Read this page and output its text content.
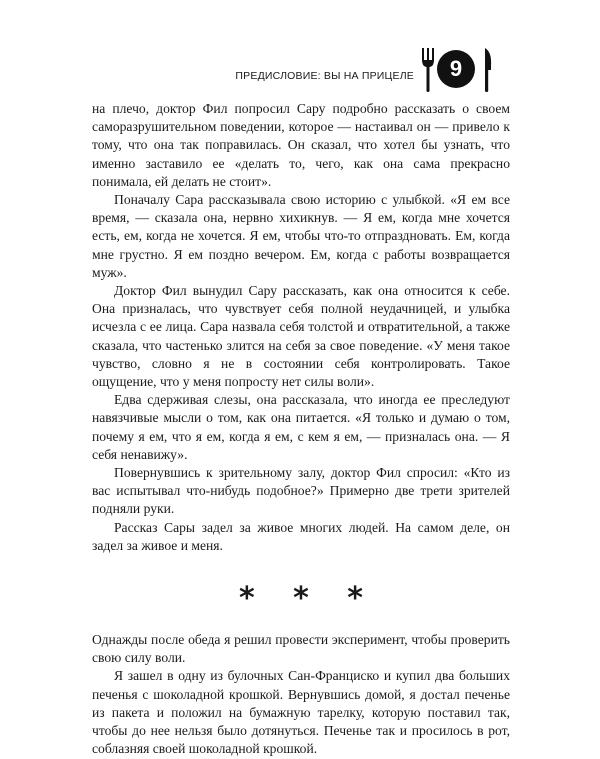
ПРЕДИСЛОВИЕ: ВЫ НА ПРИЦЕЛЕ	9

на плечо, доктор Фил попросил Сару подробно рассказать о своем саморазрушительном поведении, которое — настаивал он — привело к тому, что она так поправилась. Он сказал, что хотел бы узнать, что именно заставило ее «делать то, чего, как она сама прекрасно понимала, ей делать не стоит».

Поначалу Сара рассказывала свою историю с улыбкой. «Я ем все время, — сказала она, нервно хихикнув. — Я ем, когда мне хочется есть, ем, когда не хочется. Я ем, чтобы что-то отпраздновать. Ем, когда мне грустно. Я ем поздно вечером. Ем, когда с работы возвращается муж».

Доктор Фил вынудил Сару рассказать, как она относится к себе. Она призналась, что чувствует себя полной неудачницей, и улыбка исчезла с ее лица. Сара назвала себя толстой и отвратительной, а также сказала, что частенько злится на себя за свое поведение. «У меня такое чувство, словно я не в состоянии себя контролировать. Такое ощущение, что у меня попросту нет силы воли».

Едва сдерживая слезы, она рассказала, что иногда ее преследуют навязчивые мысли о том, как она питается. «Я только и думаю о том, почему я ем, что я ем, когда я ем, с кем я ем, — призналась она. — Я себя ненавижу».

Повернувшись к зрительному залу, доктор Фил спросил: «Кто из вас испытывал что-нибудь подобное?» Примерно две трети зрителей подняли руки.

Рассказ Сары задел за живое многих людей. На самом деле, он задел за живое и меня.

* * *

Однажды после обеда я решил провести эксперимент, чтобы проверить свою силу воли.

Я зашел в одну из булочных Сан-Франциско и купил два больших печенья с шоколадной крошкой. Вернувшись домой, я достал печенье из пакета и положил на бумажную тарелку, которую поставил так, чтобы до нее нельзя было дотянуться. Печенье так и просилось в рот, соблазняя своей шоколадной крошкой.
